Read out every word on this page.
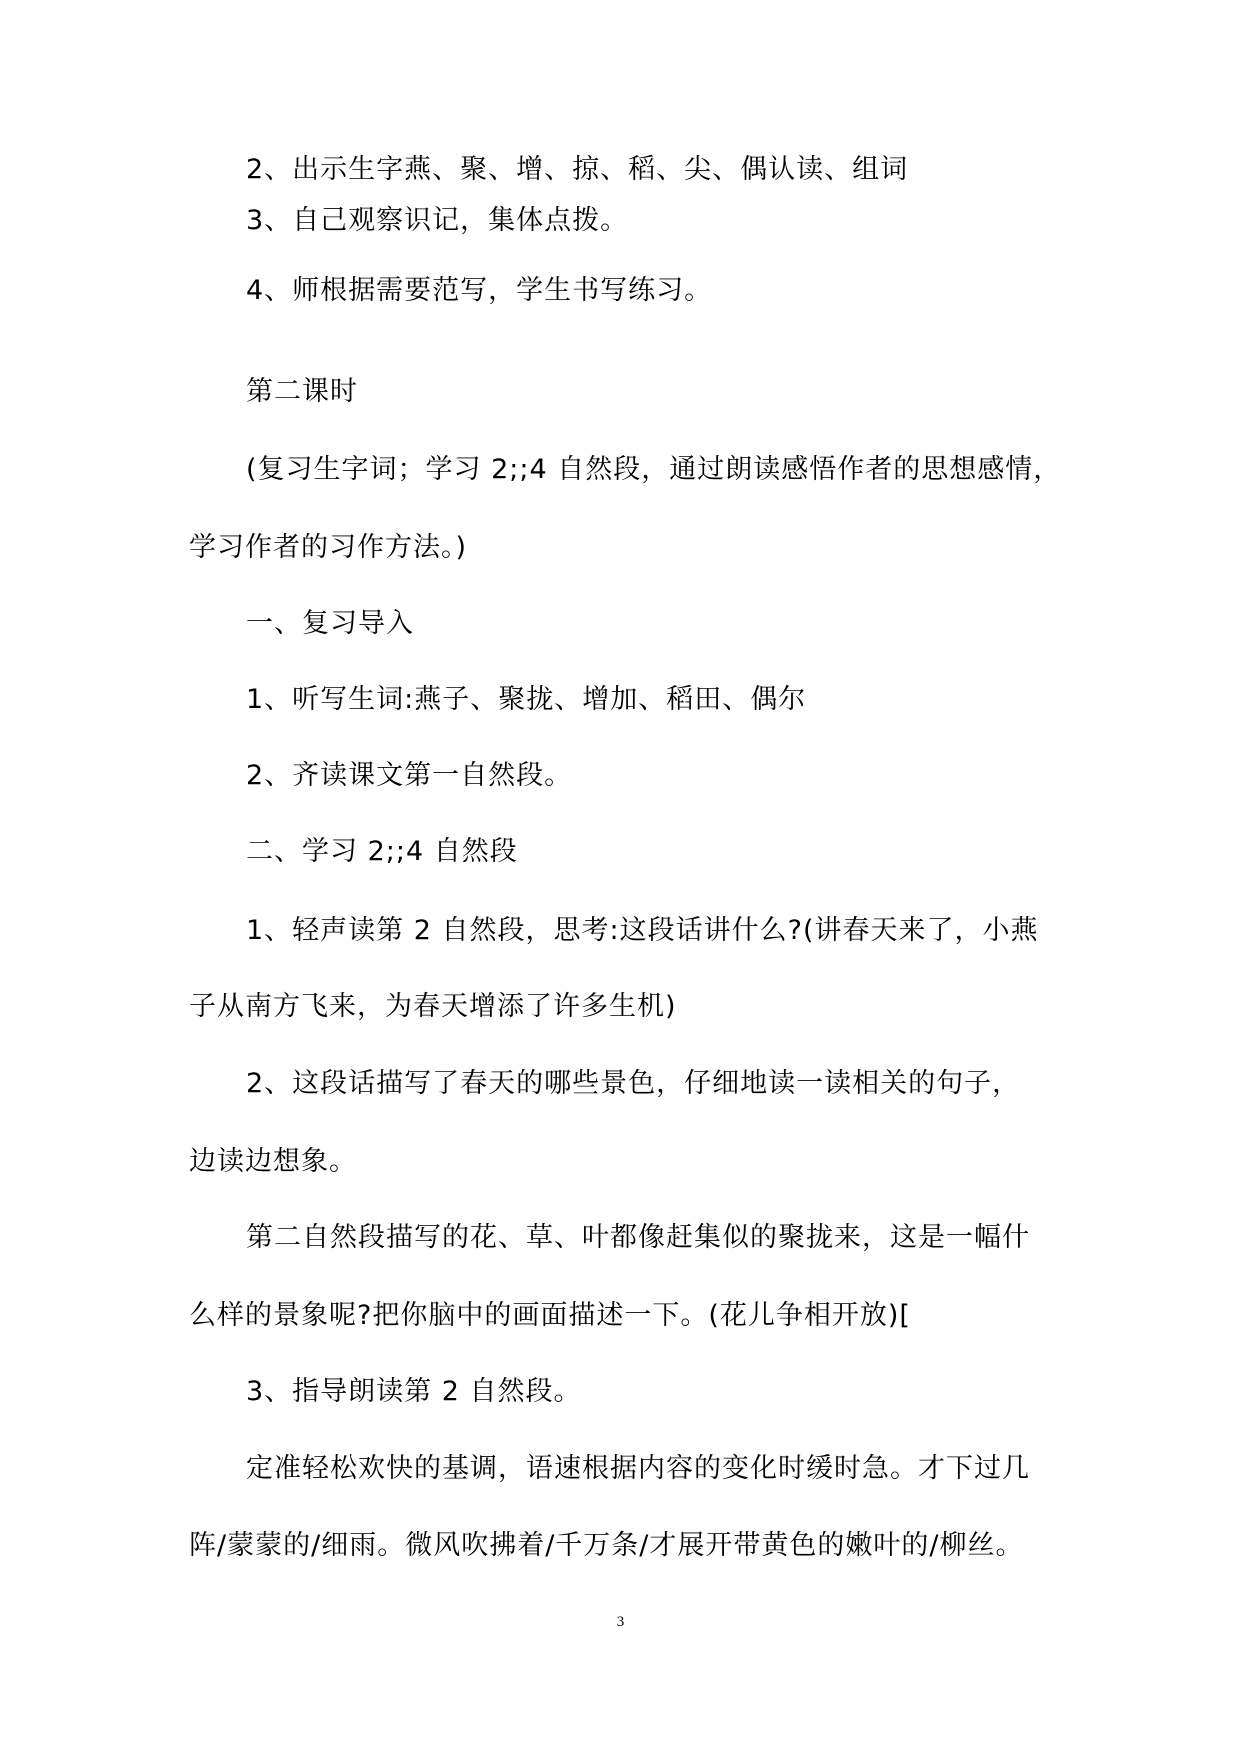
2、出示生字燕、聚、增、掠、稻、尖、偶认读、组词
3、自己观察识记，集体点拨。
4、师根据需要范写，学生书写练习。
第二课时
(复习生字词；学习 2;;4 自然段，通过朗读感悟作者的思想感情，
学习作者的习作方法。)
一、复习导入
1、听写生词:燕子、聚拢、增加、稻田、偶尔
2、齐读课文第一自然段。
二、学习 2;;4 自然段
1、轻声读第 2 自然段，思考:这段话讲什么?(讲春天来了，小燕
子从南方飞来，为春天增添了许多生机)
2、这段话描写了春天的哪些景色，仔细地读一读相关的句子，
边读边想象。
第二自然段描写的花、草、叶都像赶集似的聚拢来，这是一幅什
么样的景象呢?把你脑中的画面描述一下。(花儿争相开放)[
3、指导朗读第 2 自然段。
定准轻松欢快的基调，语速根据内容的变化时缓时急。才下过几
阵/蒙蒙的/细雨。微风吹拂着/千万条/才展开带黄色的嫩叶的/柳丝。
3
